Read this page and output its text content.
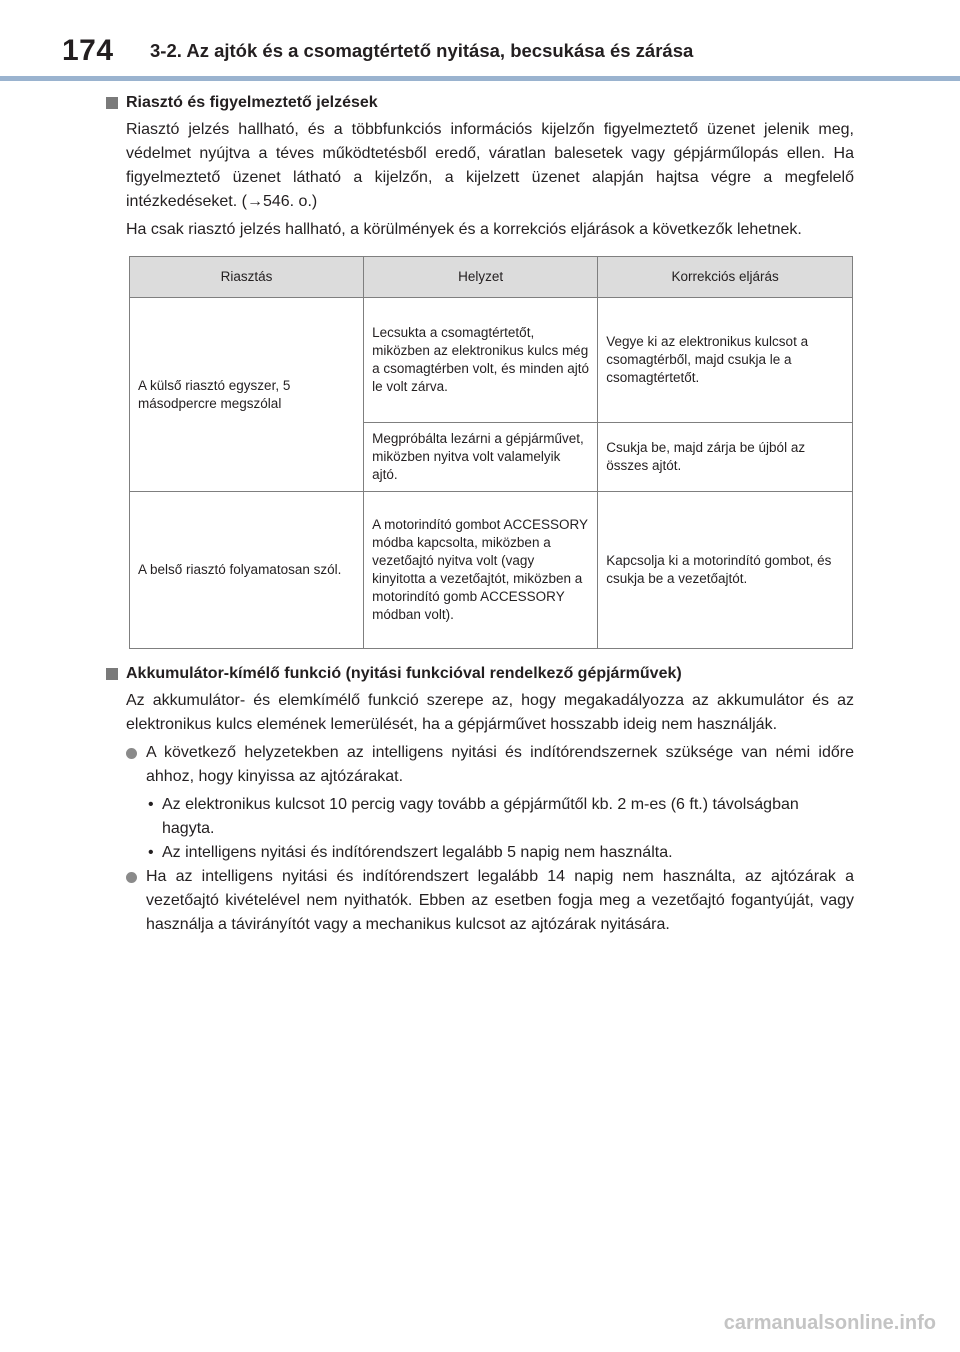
174 3-2. Az ajtók és a csomagtértető nyitása, becsukása és zárása
Riasztó és figyelmeztető jelzések
Riasztó jelzés hallható, és a többfunkciós információs kijelzőn figyelmeztető üzenet jelenik meg, védelmet nyújtva a téves működtetésből eredő, váratlan balesetek vagy gépjárműlopás ellen. Ha figyelmeztető üzenet látható a kijelzőn, a kijelzett üzenet alapján hajtsa végre a megfelelő intézkedéseket. (→546. o.)
Ha csak riasztó jelzés hallható, a körülmények és a korrekciós eljárások a következők lehetnek.
Riasztás	Helyzet	Korrekciós eljárás
A külső riasztó egyszer, 5 másodpercre megszólal	Lecsukta a csomagtértetőt, miközben az elektronikus kulcs még a csomagtérben volt, és minden ajtó le volt zárva.	Vegye ki az elektronikus kulcsot a csomagtérből, majd csukja le a csomagtértetőt.
	Megpróbálta lezárni a gépjárművet, miközben nyitva volt valamelyik ajtó.	Csukja be, majd zárja be újból az összes ajtót.
A belső riasztó folyamatosan szól.	A motorindító gombot ACCESSORY módba kapcsolta, miközben a vezetőajtó nyitva volt (vagy kinyitotta a vezetőajtót, miközben a motorindító gomb ACCESSORY módban volt).	Kapcsolja ki a motorindító gombot, és csukja be a vezetőajtót.
Akkumulátor-kímélő funkció (nyitási funkcióval rendelkező gépjárművek)
Az akkumulátor- és elemkímélő funkció szerepe az, hogy megakadályozza az akkumulátor és az elektronikus kulcs elemének lemerülését, ha a gépjárművet hosszabb ideig nem használják.
A következő helyzetekben az intelligens nyitási és indítórendszernek szüksége van némi időre ahhoz, hogy kinyissa az ajtózárakat.
• Az elektronikus kulcsot 10 percig vagy tovább a gépjárműtől kb. 2 m-es (6 ft.) távolságban hagyta.
• Az intelligens nyitási és indítórendszert legalább 5 napig nem használta.
Ha az intelligens nyitási és indítórendszert legalább 14 napig nem használta, az ajtózárak a vezetőajtó kivételével nem nyithatók. Ebben az esetben fogja meg a vezetőajtó fogantyúját, vagy használja a távirányítót vagy a mechanikus kulcsot az ajtózárak nyitására.
carmanualsonline.info
